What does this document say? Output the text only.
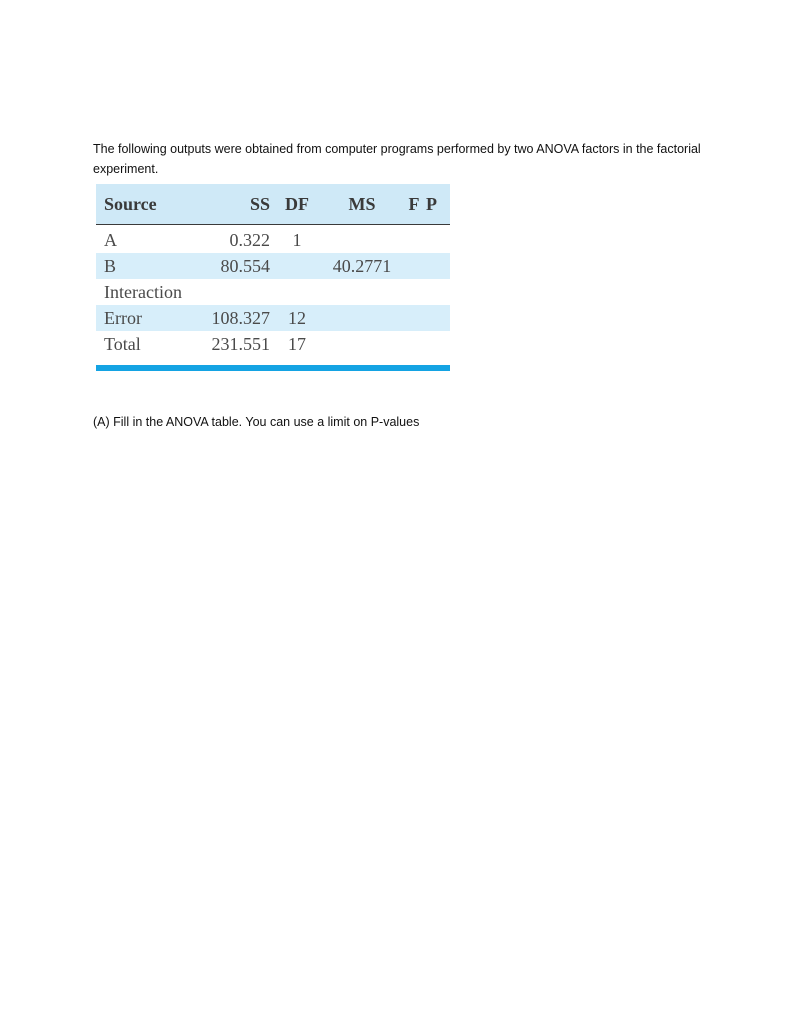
The following outputs were obtained from computer programs performed by two ANOVA factors in the factorial experiment.

Source	SS	DF	MS	F	P
A	0.322	1			
B	80.554		40.2771		
Interaction					
Error	108.327	12			
Total	231.551	17			

(A) Fill in the ANOVA table. You can use a limit on P-values
